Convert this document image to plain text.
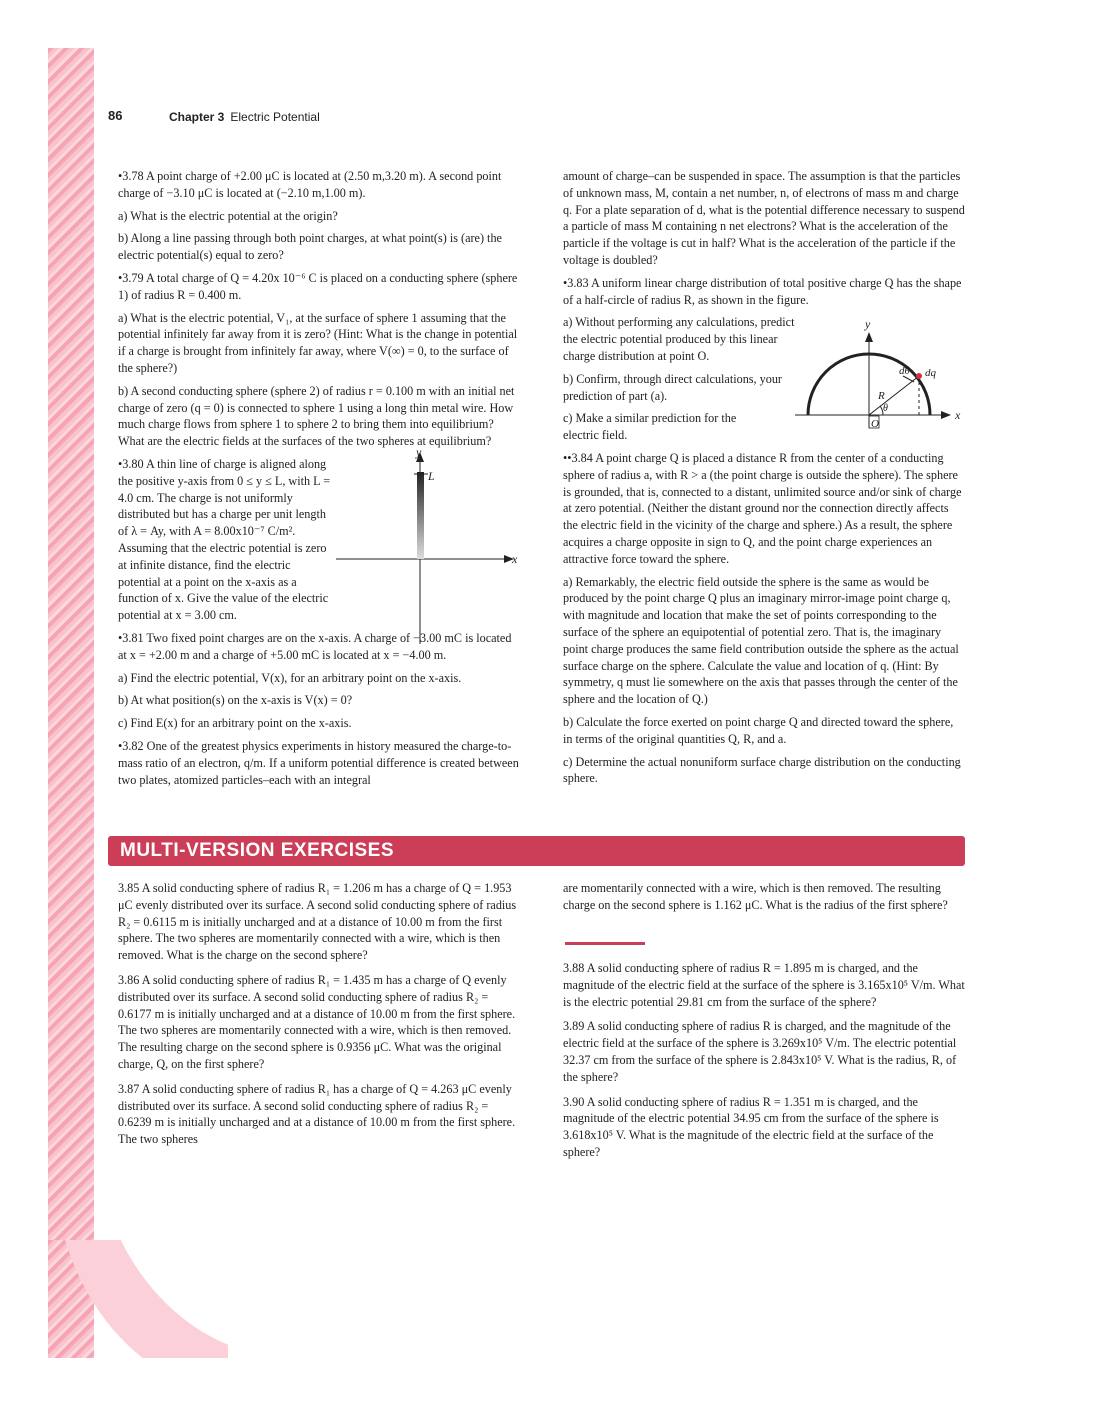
86	Chapter 3 Electric Potential

•3.78 A point charge of +2.00 μC is located at (2.50 m,3.20 m). A second point charge of −3.10 μC is located at (−2.10 m,1.00 m).

a) What is the electric potential at the origin?

b) Along a line passing through both point charges, at what point(s) is (are) the electric potential(s) equal to zero?

•3.79 A total charge of Q = 4.20x 10⁻⁶ C is placed on a conducting sphere (sphere 1) of radius R = 0.400 m.

a) What is the electric potential, V₁, at the surface of sphere 1 assuming that the potential infinitely far away from it is zero? (Hint: What is the change in potential if a charge is brought from infinitely far away, where V(∞) = 0, to the surface of the sphere?)

b) A second conducting sphere (sphere 2) of radius r = 0.100 m with an initial net charge of zero (q = 0) is connected to sphere 1 using a long thin metal wire. How much charge flows from sphere 1 to sphere 2 to bring them into equilibrium? What are the electric fields at the surfaces of the two spheres at equilibrium?

•3.80 A thin line of charge is aligned along the positive y-axis from 0 ≤ y ≤ L, with L = 4.0 cm. The charge is not uniformly distributed but has a charge per unit length of λ = Ay, with A = 8.00x10⁻⁷ C/m². Assuming that the electric potential is zero at infinite distance, find the electric potential at a point on the x-axis as a function of x. Give the value of the electric potential at x = 3.00 cm.

•3.81 Two fixed point charges are on the x-axis. A charge of −3.00 mC is located at x = +2.00 m and a charge of +5.00 mC is located at x = −4.00 m.

a) Find the electric potential, V(x), for an arbitrary point on the x-axis.

b) At what position(s) on the x-axis is V(x) = 0?

c) Find E(x) for an arbitrary point on the x-axis.

•3.82 One of the greatest physics experiments in history measured the charge-to-mass ratio of an electron, q/m. If a uniform potential difference is created between two plates, atomized particles–each with an integral

y
L
x

amount of charge–can be suspended in space. The assumption is that the particles of unknown mass, M, contain a net number, n, of electrons of mass m and charge q. For a plate separation of d, what is the potential difference necessary to suspend a particle of mass M containing n net electrons? What is the acceleration of the particle if the voltage is cut in half? What is the acceleration of the particle if the voltage is doubled?

•3.83 A uniform linear charge distribution of total positive charge Q has the shape of a half-circle of radius R, as shown in the figure.

a) Without performing any calculations, predict the electric potential produced by this linear charge distribution at point O.

b) Confirm, through direct calculations, your prediction of part (a).

c) Make a similar prediction for the electric field.

••3.84 A point charge Q is placed a distance R from the center of a conducting sphere of radius a, with R > a (the point charge is outside the sphere). The sphere is grounded, that is, connected to a distant, unlimited source and/or sink of charge at zero potential. (Neither the distant ground nor the connection directly affects the electric field in the vicinity of the charge and sphere.) As a result, the sphere acquires a charge opposite in sign to Q, and the point charge experiences an attractive force toward the sphere.

a) Remarkably, the electric field outside the sphere is the same as would be produced by the point charge Q plus an imaginary mirror-image point charge q, with magnitude and location that make the set of points corresponding to the surface of the sphere an equipotential of potential zero. That is, the imaginary point charge produces the same field contribution outside the sphere as the actual surface charge on the sphere. Calculate the value and location of q. (Hint: By symmetry, q must lie somewhere on the axis that passes through the center of the sphere and the location of Q.)

b) Calculate the force exerted on point charge Q and directed toward the sphere, in terms of the original quantities Q, R, and a.

c) Determine the actual nonuniform surface charge distribution on the conducting sphere.

y
x
dθ dq
R
θ
O
MULTI-VERSION EXERCISES

3.85 A solid conducting sphere of radius R₁ = 1.206 m has a charge of Q = 1.953 μC evenly distributed over its surface. A second solid conducting sphere of radius R₂ = 0.6115 m is initially uncharged and at a distance of 10.00 m from the first sphere. The two spheres are momentarily connected with a wire, which is then removed. What is the charge on the second sphere?

3.86 A solid conducting sphere of radius R₁ = 1.435 m has a charge of Q evenly distributed over its surface. A second solid conducting sphere of radius R₂ = 0.6177 m is initially uncharged and at a distance of 10.00 m from the first sphere. The two spheres are momentarily connected with a wire, which is then removed. The resulting charge on the second sphere is 0.9356 μC. What was the original charge, Q, on the first sphere?

3.87 A solid conducting sphere of radius R₁ has a charge of Q = 4.263 μC evenly distributed over its surface. A second solid conducting sphere of radius R₂ = 0.6239 m is initially uncharged and at a distance of 10.00 m from the first sphere. The two spheres

are momentarily connected with a wire, which is then removed. The resulting charge on the second sphere is 1.162 μC. What is the radius of the first sphere?

3.88 A solid conducting sphere of radius R = 1.895 m is charged, and the magnitude of the electric field at the surface of the sphere is 3.165x10⁵ V/m. What is the electric potential 29.81 cm from the surface of the sphere?

3.89 A solid conducting sphere of radius R is charged, and the magnitude of the electric field at the surface of the sphere is 3.269x10⁵ V/m. The electric potential 32.37 cm from the surface of the sphere is 2.843x10⁵ V. What is the radius, R, of the sphere?

3.90 A solid conducting sphere of radius R = 1.351 m is charged, and the magnitude of the electric potential 34.95 cm from the surface of the sphere is 3.618x10⁵ V. What is the magnitude of the electric field at the surface of the sphere?
